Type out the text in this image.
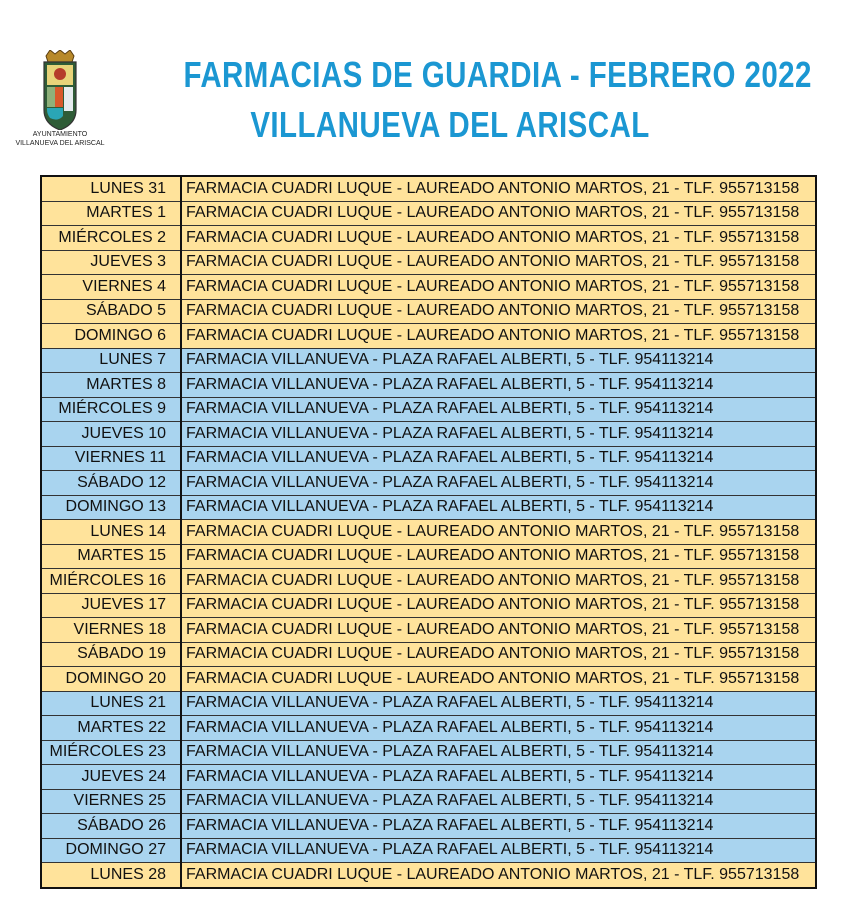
AYUNTAMIENTO
VILLANUEVA DEL ARISCAL
FARMACIAS DE GUARDIA - FEBRERO 2022
VILLANUEVA DEL ARISCAL
LUNES 31	FARMACIA CUADRI LUQUE - LAUREADO ANTONIO MARTOS, 21 - TLF. 955713158
MARTES 1	FARMACIA CUADRI LUQUE - LAUREADO ANTONIO MARTOS, 21 - TLF. 955713158
MIÉRCOLES 2	FARMACIA CUADRI LUQUE - LAUREADO ANTONIO MARTOS, 21 - TLF. 955713158
JUEVES 3	FARMACIA CUADRI LUQUE - LAUREADO ANTONIO MARTOS, 21 - TLF. 955713158
VIERNES 4	FARMACIA CUADRI LUQUE - LAUREADO ANTONIO MARTOS, 21 - TLF. 955713158
SÁBADO 5	FARMACIA CUADRI LUQUE - LAUREADO ANTONIO MARTOS, 21 - TLF. 955713158
DOMINGO 6	FARMACIA CUADRI LUQUE - LAUREADO ANTONIO MARTOS, 21 - TLF. 955713158
LUNES 7	FARMACIA VILLANUEVA - PLAZA RAFAEL ALBERTI, 5 - TLF. 954113214
MARTES 8	FARMACIA VILLANUEVA - PLAZA RAFAEL ALBERTI, 5 - TLF. 954113214
MIÉRCOLES 9	FARMACIA VILLANUEVA - PLAZA RAFAEL ALBERTI, 5 - TLF. 954113214
JUEVES 10	FARMACIA VILLANUEVA - PLAZA RAFAEL ALBERTI, 5 - TLF. 954113214
VIERNES 11	FARMACIA VILLANUEVA - PLAZA RAFAEL ALBERTI, 5 - TLF. 954113214
SÁBADO 12	FARMACIA VILLANUEVA - PLAZA RAFAEL ALBERTI, 5 - TLF. 954113214
DOMINGO 13	FARMACIA VILLANUEVA - PLAZA RAFAEL ALBERTI, 5 - TLF. 954113214
LUNES 14	FARMACIA CUADRI LUQUE - LAUREADO ANTONIO MARTOS, 21 - TLF. 955713158
MARTES 15	FARMACIA CUADRI LUQUE - LAUREADO ANTONIO MARTOS, 21 - TLF. 955713158
MIÉRCOLES 16	FARMACIA CUADRI LUQUE - LAUREADO ANTONIO MARTOS, 21 - TLF. 955713158
JUEVES 17	FARMACIA CUADRI LUQUE - LAUREADO ANTONIO MARTOS, 21 - TLF. 955713158
VIERNES 18	FARMACIA CUADRI LUQUE - LAUREADO ANTONIO MARTOS, 21 - TLF. 955713158
SÁBADO 19	FARMACIA CUADRI LUQUE - LAUREADO ANTONIO MARTOS, 21 - TLF. 955713158
DOMINGO 20	FARMACIA CUADRI LUQUE - LAUREADO ANTONIO MARTOS, 21 - TLF. 955713158
LUNES 21	FARMACIA VILLANUEVA - PLAZA RAFAEL ALBERTI, 5 - TLF. 954113214
MARTES 22	FARMACIA VILLANUEVA - PLAZA RAFAEL ALBERTI, 5 - TLF. 954113214
MIÉRCOLES 23	FARMACIA VILLANUEVA - PLAZA RAFAEL ALBERTI, 5 - TLF. 954113214
JUEVES 24	FARMACIA VILLANUEVA - PLAZA RAFAEL ALBERTI, 5 - TLF. 954113214
VIERNES 25	FARMACIA VILLANUEVA - PLAZA RAFAEL ALBERTI, 5 - TLF. 954113214
SÁBADO 26	FARMACIA VILLANUEVA - PLAZA RAFAEL ALBERTI, 5 - TLF. 954113214
DOMINGO 27	FARMACIA VILLANUEVA - PLAZA RAFAEL ALBERTI, 5 - TLF. 954113214
LUNES 28	FARMACIA CUADRI LUQUE - LAUREADO ANTONIO MARTOS, 21 - TLF. 955713158
